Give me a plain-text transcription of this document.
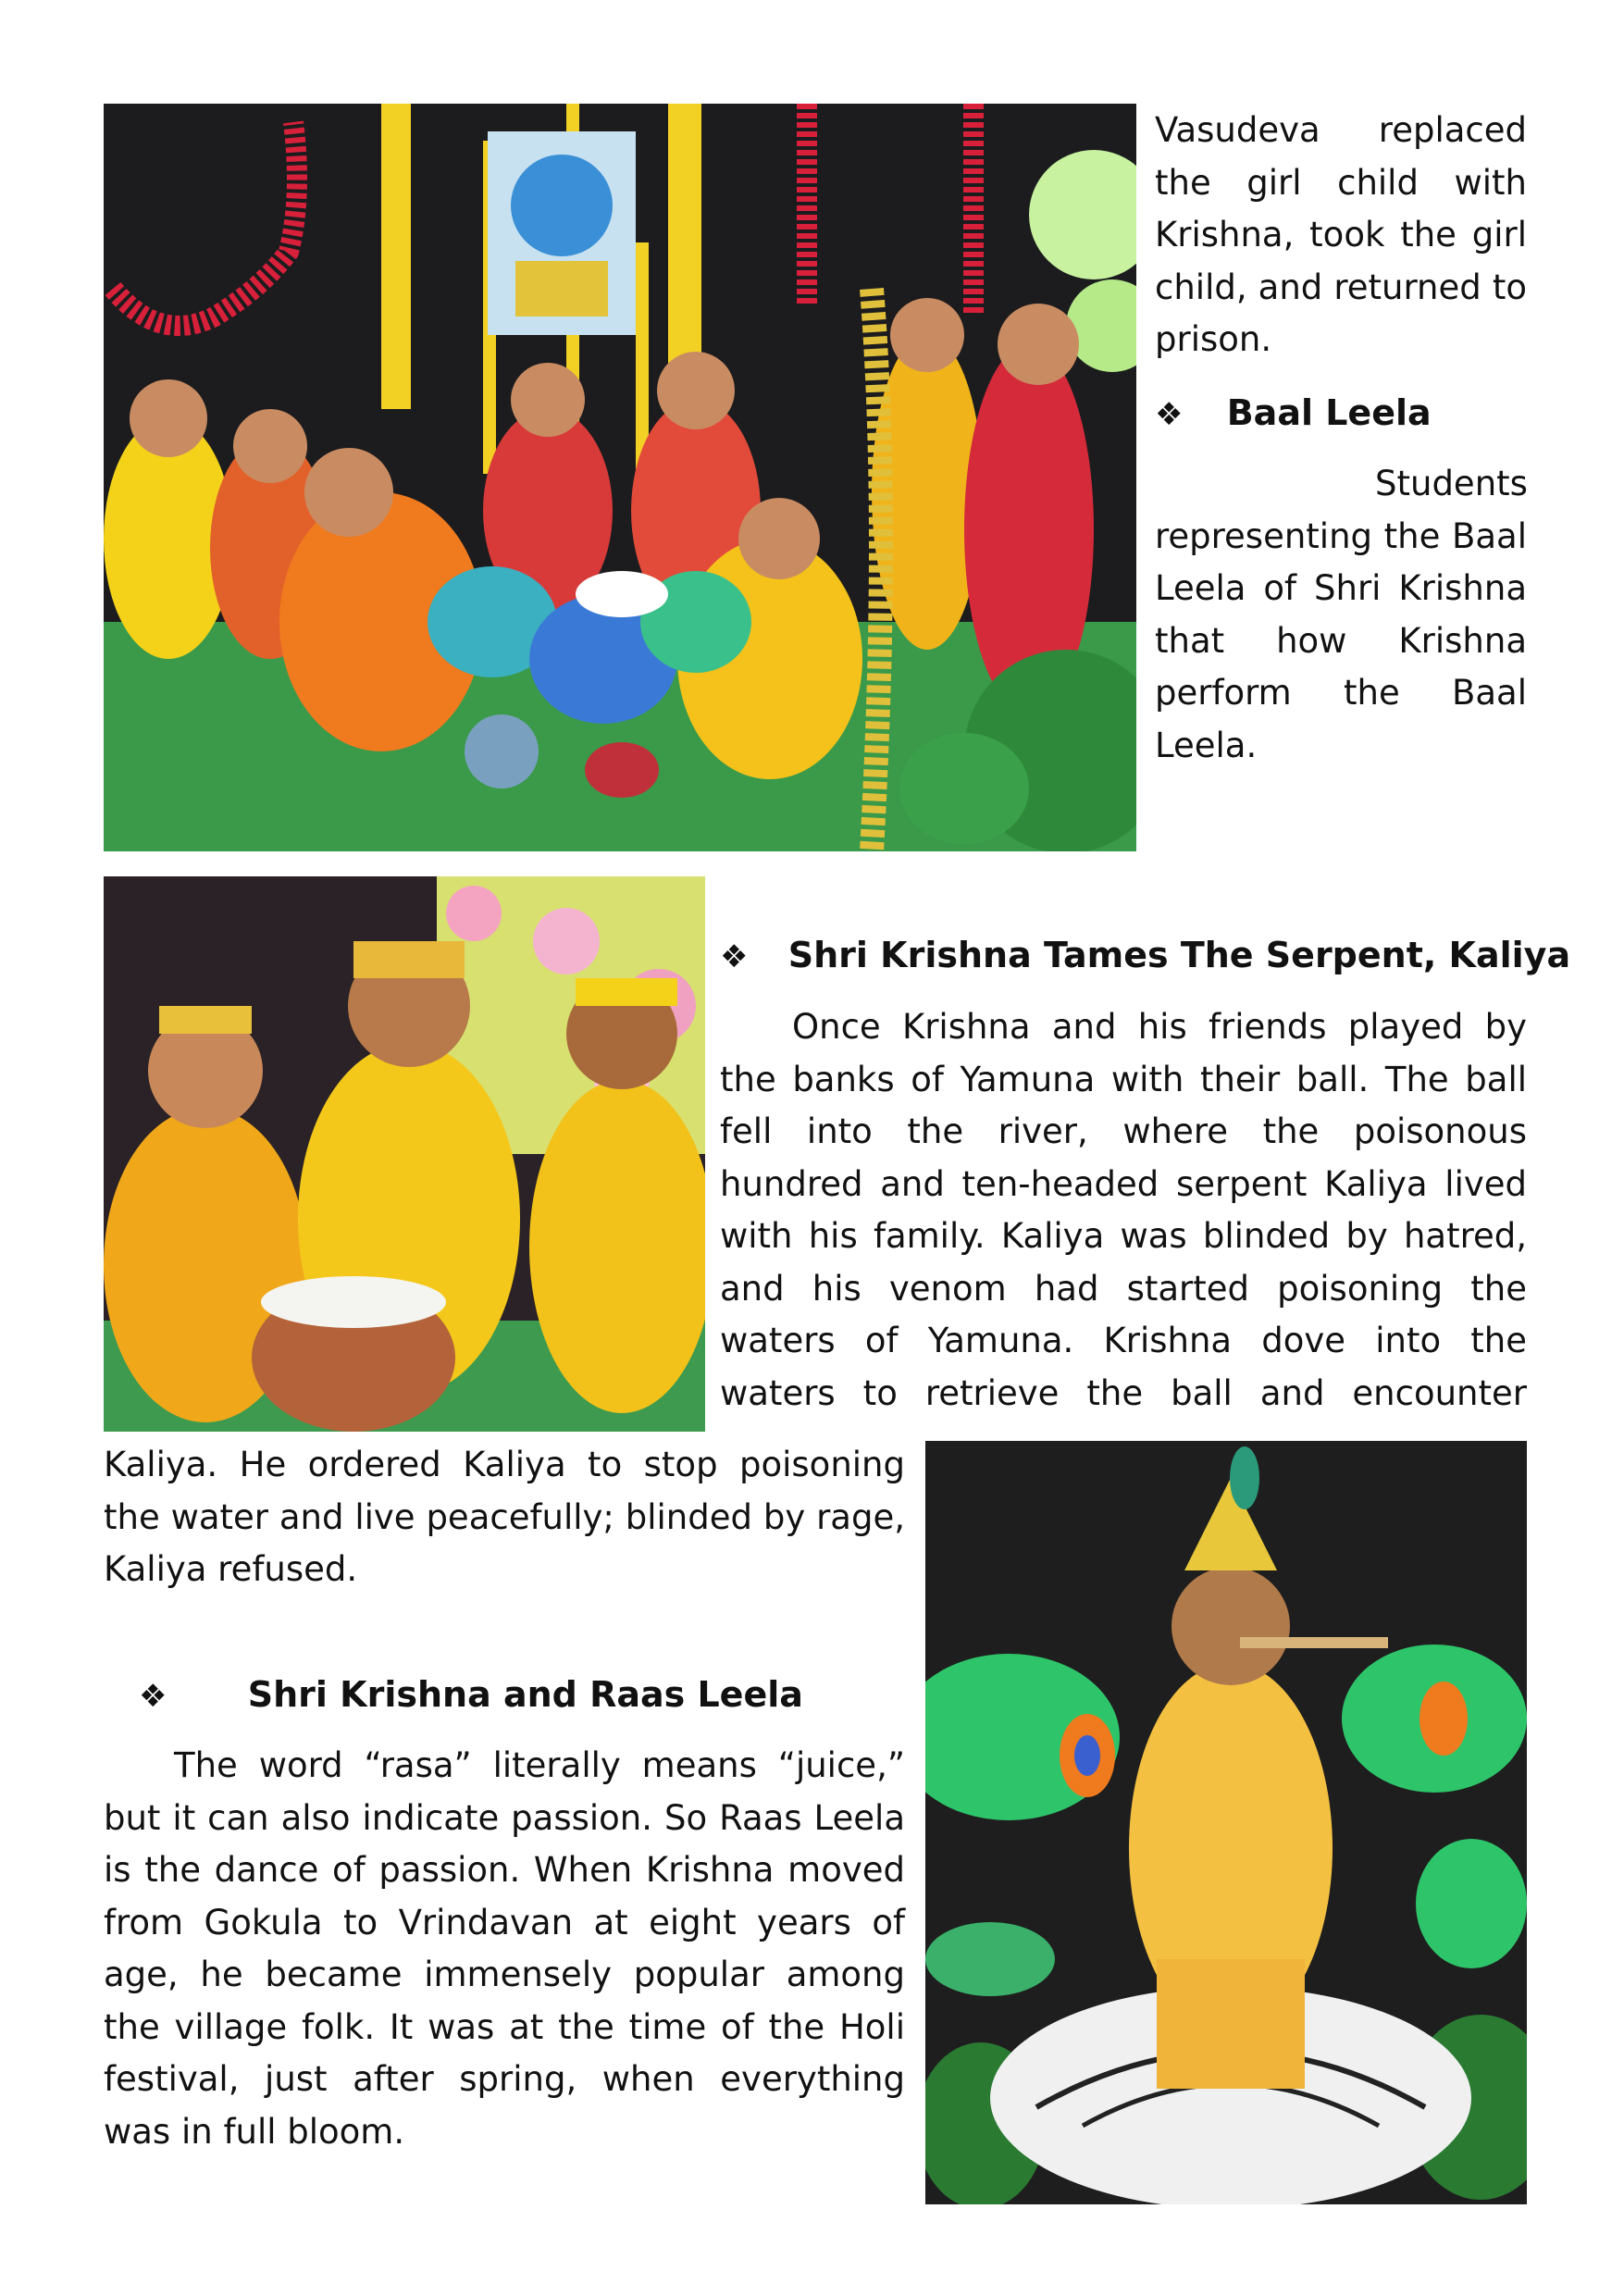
Vasudeva replaced the girl child with Krishna, took the girl child, and returned to prison.
❖ Baal Leela
Students representing the Baal Leela of Shri Krishna that how Krishna perform the Baal Leela.
❖ Shri Krishna Tames The Serpent, Kaliya
Once Krishna and his friends played by the banks of Yamuna with their ball. The ball fell into the river, where the poisonous hundred and ten-headed serpent Kaliya lived with his family. Kaliya was blinded by hatred, and his venom had started poisoning the waters of Yamuna. Krishna dove into the waters to retrieve the ball and encounter
Kaliya. He ordered Kaliya to stop poisoning the water and live peacefully; blinded by rage, Kaliya refused.
❖ Shri Krishna and Raas Leela
The word “rasa” literally means “juice,” but it can also indicate passion. So Raas Leela is the dance of passion. When Krishna moved from Gokula to Vrindavan at eight years of age, he became immensely popular among the village folk. It was at the time of the Holi festival, just after spring, when everything was in full bloom.
